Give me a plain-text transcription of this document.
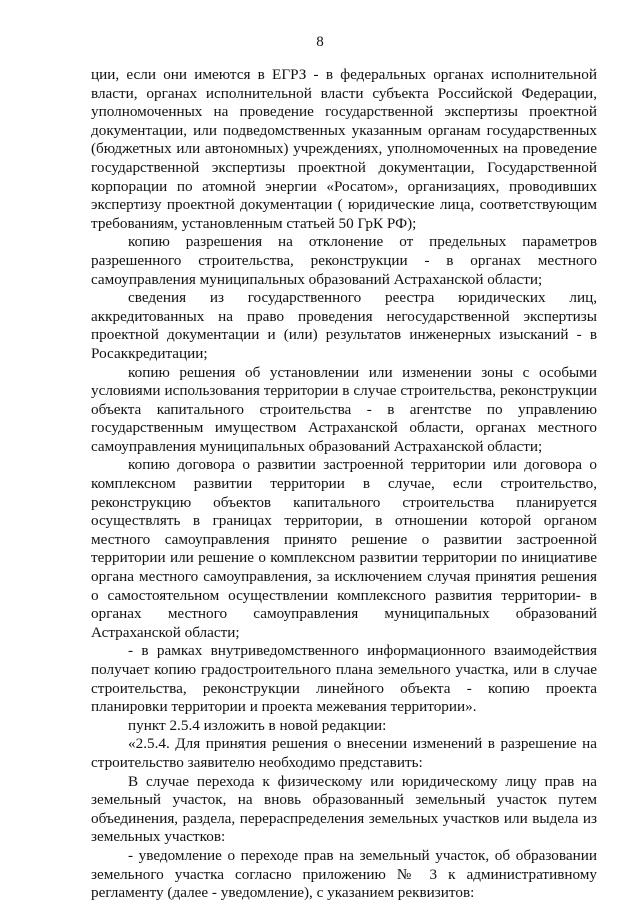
8

ции, если они имеются в ЕГРЗ - в федеральных органах исполнительной власти, органах исполнительной власти субъекта Российской Федерации, уполномоченных на проведение государственной экспертизы проектной документации, или подведомственных указанным органам государственных (бюджетных или автономных) учреждениях, уполномоченных на проведение государственной экспертизы проектной документации, Государственной корпорации по атомной энергии «Росатом», организациях, проводивших экспертизу проектной документации ( юридические лица, соответствующим требованиям, установленным статьей 50 ГрК РФ);

копию разрешения на отклонение от предельных параметров разрешенного строительства, реконструкции - в органах местного самоуправления муниципальных образований Астраханской области;

сведения из государственного реестра юридических лиц, аккредитованных на право проведения негосударственной экспертизы проектной документации и (или) результатов инженерных изысканий - в Росаккредитации;

копию решения об установлении или изменении зоны с особыми условиями использования территории в случае строительства, реконструкции объекта капитального строительства - в агентстве по управлению государственным имуществом Астраханской области, органах местного самоуправления муниципальных образований Астраханской области;

копию договора о развитии застроенной территории или договора о комплексном развитии территории в случае, если строительство, реконструкцию объектов капитального строительства планируется осуществлять в границах территории, в отношении которой органом местного самоуправления принято решение о развитии застроенной территории или решение о комплексном развитии территории по инициативе органа местного самоуправления, за исключением случая принятия решения о самостоятельном осуществлении комплексного развития территории- в органах местного самоуправления муниципальных образований Астраханской области;

- в рамках внутриведомственного информационного взаимодействия получает копию градостроительного плана земельного участка, или в случае строительства, реконструкции линейного объекта - копию проекта планировки территории и проекта межевания территории».

пункт 2.5.4 изложить в новой редакции:

«2.5.4. Для принятия решения о внесении изменений в разрешение на строительство заявителю необходимо представить:

В случае перехода к физическому или юридическому лицу прав на земельный участок, на вновь образованный земельный участок путем объединения, раздела, перераспределения земельных участков или выдела из земельных участков:

- уведомление о переходе прав на земельный участок, об образовании земельного участка согласно приложению № 3 к административному регламенту (далее - уведомление), с указанием реквизитов:
